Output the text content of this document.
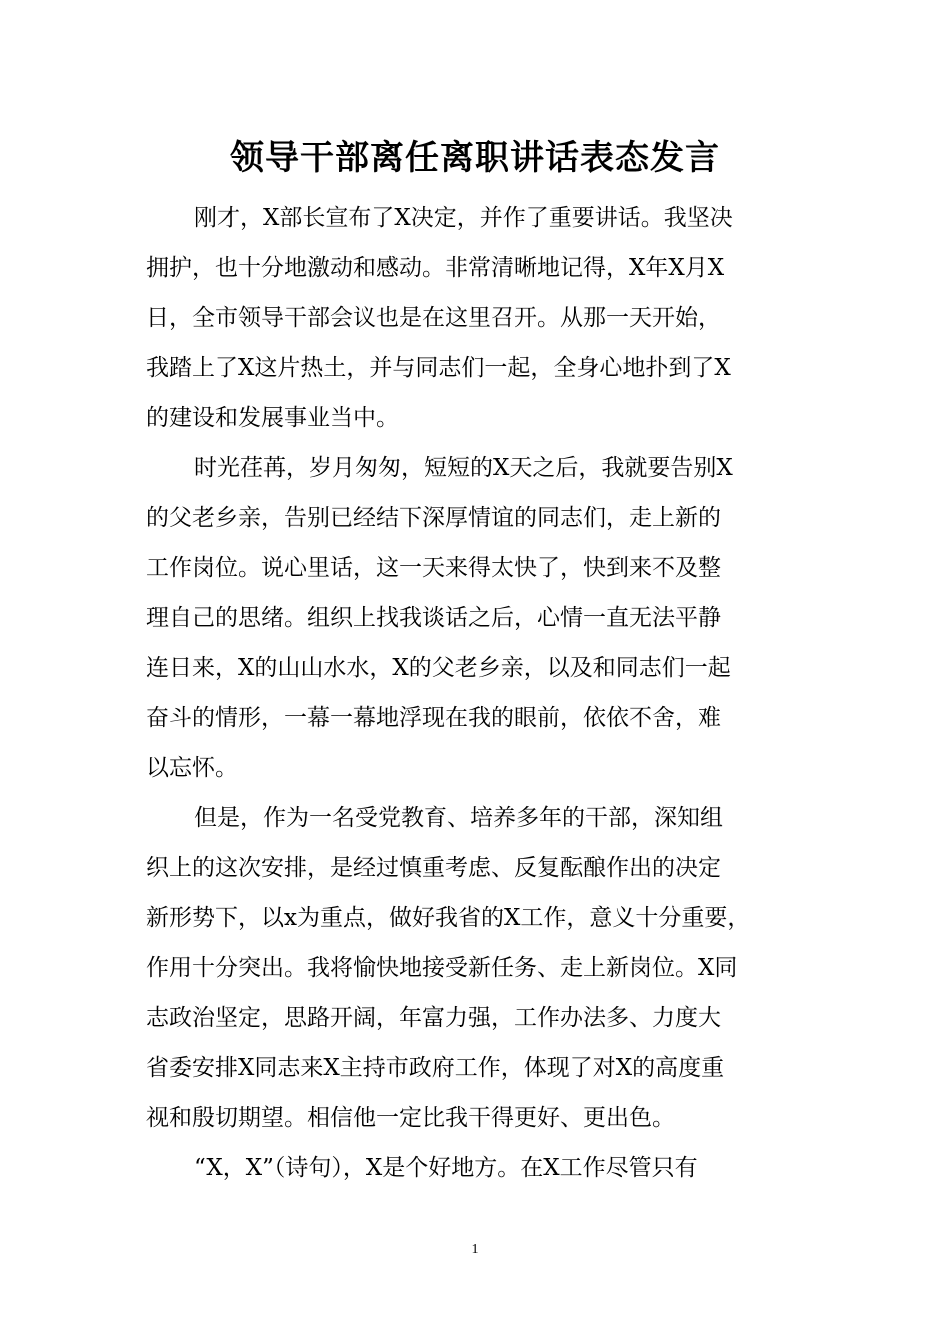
领导干部离任离职讲话表态发言
刚才，X部长宣布了X决定，并作了重要讲话。我坚决
拥护，也十分地激动和感动。非常清晰地记得，X年X月X
日，全市领导干部会议也是在这里召开。从那一天开始，
我踏上了X这片热土，并与同志们一起，全身心地扑到了X
的建设和发展事业当中。
时光荏苒，岁月匆匆，短短的X天之后，我就要告别X
的父老乡亲，告别已经结下深厚情谊的同志们，走上新的
工作岗位。说心里话，这一天来得太快了，快到来不及整
理自己的思绪。组织上找我谈话之后，心情一直无法平静
连日来，X的山山水水，X的父老乡亲，以及和同志们一起
奋斗的情形，一幕一幕地浮现在我的眼前，依依不舍，难
以忘怀。
但是，作为一名受党教育、培养多年的干部，深知组
织上的这次安排，是经过慎重考虑、反复酝酿作出的决定
新形势下，以x为重点，做好我省的X工作，意义十分重要，
作用十分突出。我将愉快地接受新任务、走上新岗位。X同
志政治坚定，思路开阔，年富力强，工作办法多、力度大
省委安排X同志来X主持市政府工作，体现了对X的高度重
视和殷切期望。相信他一定比我干得更好、更出色。
“X，X”（诗句），X是个好地方。在X工作尽管只有
1
